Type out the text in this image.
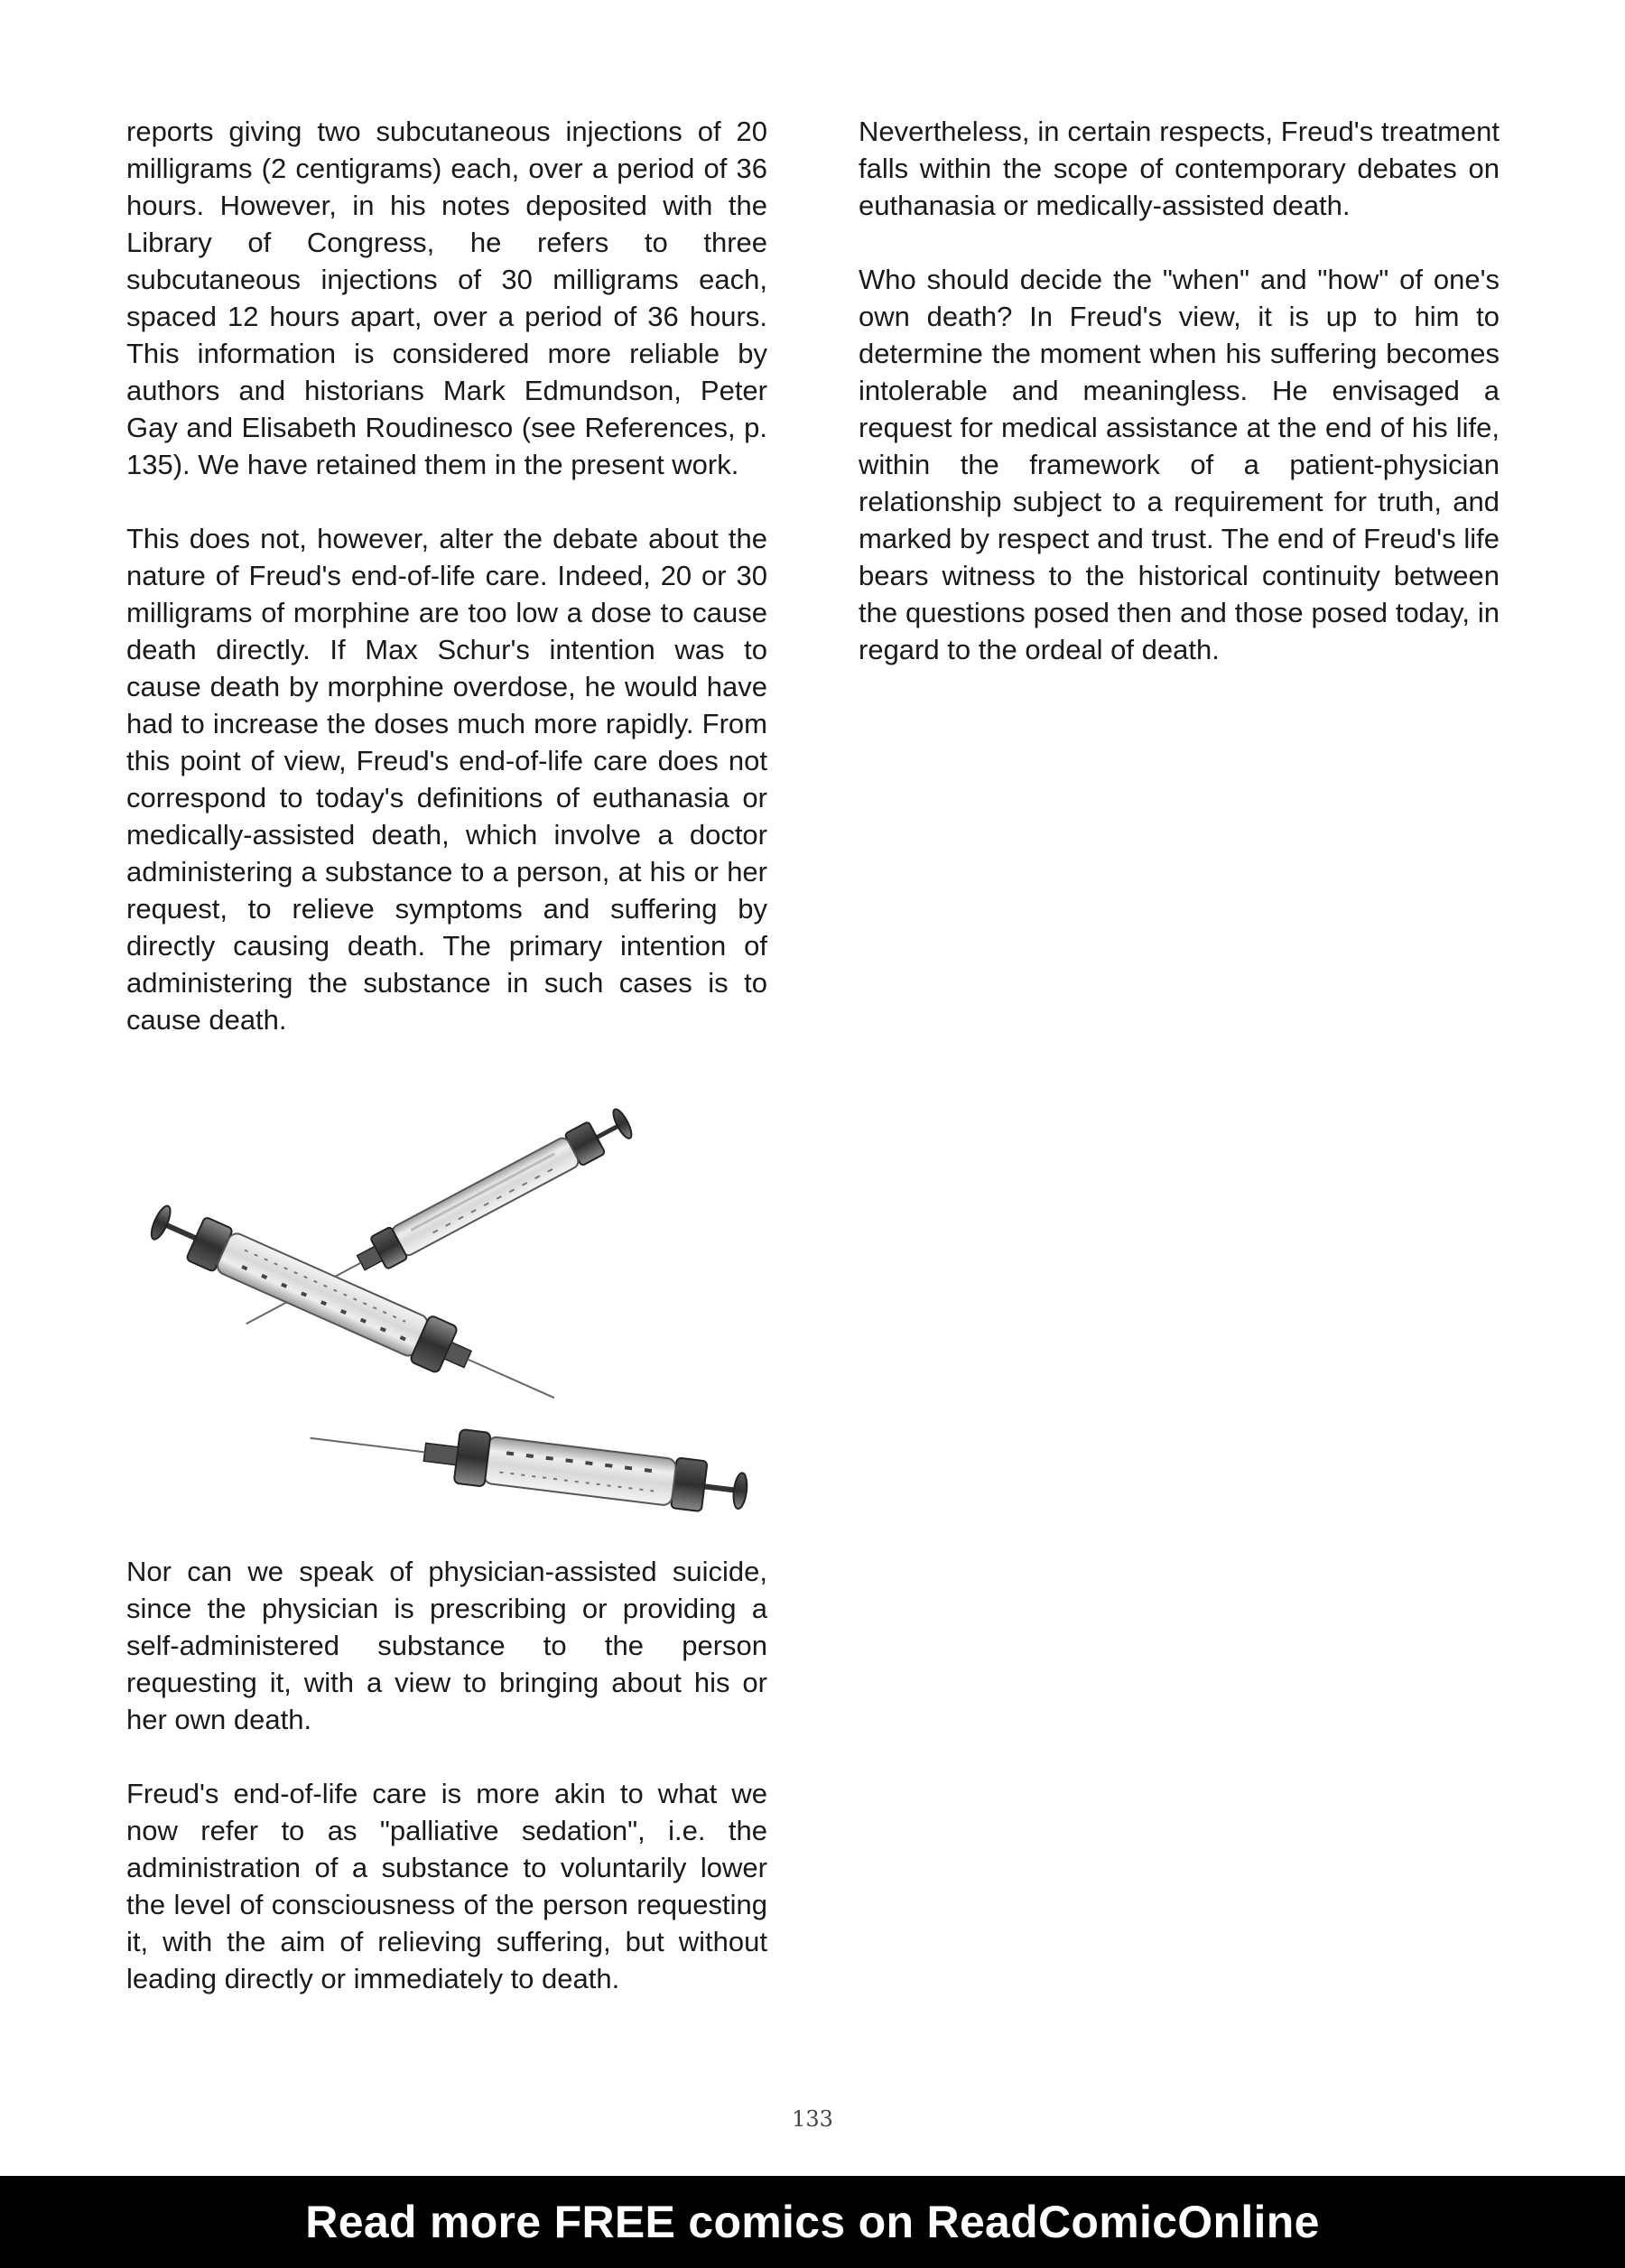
reports giving two subcutaneous injections of 20 milligrams (2 centigrams) each, over a period of 36 hours. However, in his notes deposited with the Library of Congress, he refers to three subcutaneous injections of 30 milligrams each, spaced 12 hours apart, over a period of 36 hours. This information is considered more reliable by authors and historians Mark Edmundson, Peter Gay and Elisabeth Roudinesco (see References, p. 135). We have retained them in the present work.

This does not, however, alter the debate about the nature of Freud's end-of-life care. Indeed, 20 or 30 milligrams of morphine are too low a dose to cause death directly. If Max Schur's intention was to cause death by morphine overdose, he would have had to increase the doses much more rapidly. From this point of view, Freud's end-of-life care does not correspond to today's definitions of euthanasia or medically-assisted death, which involve a doctor administering a substance to a person, at his or her request, to relieve symptoms and suffering by directly causing death. The primary intention of administering the substance in such cases is to cause death.

Nor can we speak of physician-assisted suicide, since the physician is prescribing or providing a self-administered substance to the person requesting it, with a view to bringing about his or her own death.

Freud's end-of-life care is more akin to what we now refer to as "palliative sedation", i.e. the administration of a substance to voluntarily lower the level of consciousness of the person requesting it, with the aim of relieving suffering, but without leading directly or immediately to death.

Nevertheless, in certain respects, Freud's treatment falls within the scope of contemporary debates on euthanasia or medically-assisted death.

Who should decide the "when" and "how" of one's own death? In Freud's view, it is up to him to determine the moment when his suffering becomes intolerable and meaningless. He envisaged a request for medical assistance at the end of his life, within the framework of a patient-physician relationship subject to a requirement for truth, and marked by respect and trust. The end of Freud's life bears witness to the historical continuity between the questions posed then and those posed today, in regard to the ordeal of death.

133
Read more FREE comics on ReadComicOnline
